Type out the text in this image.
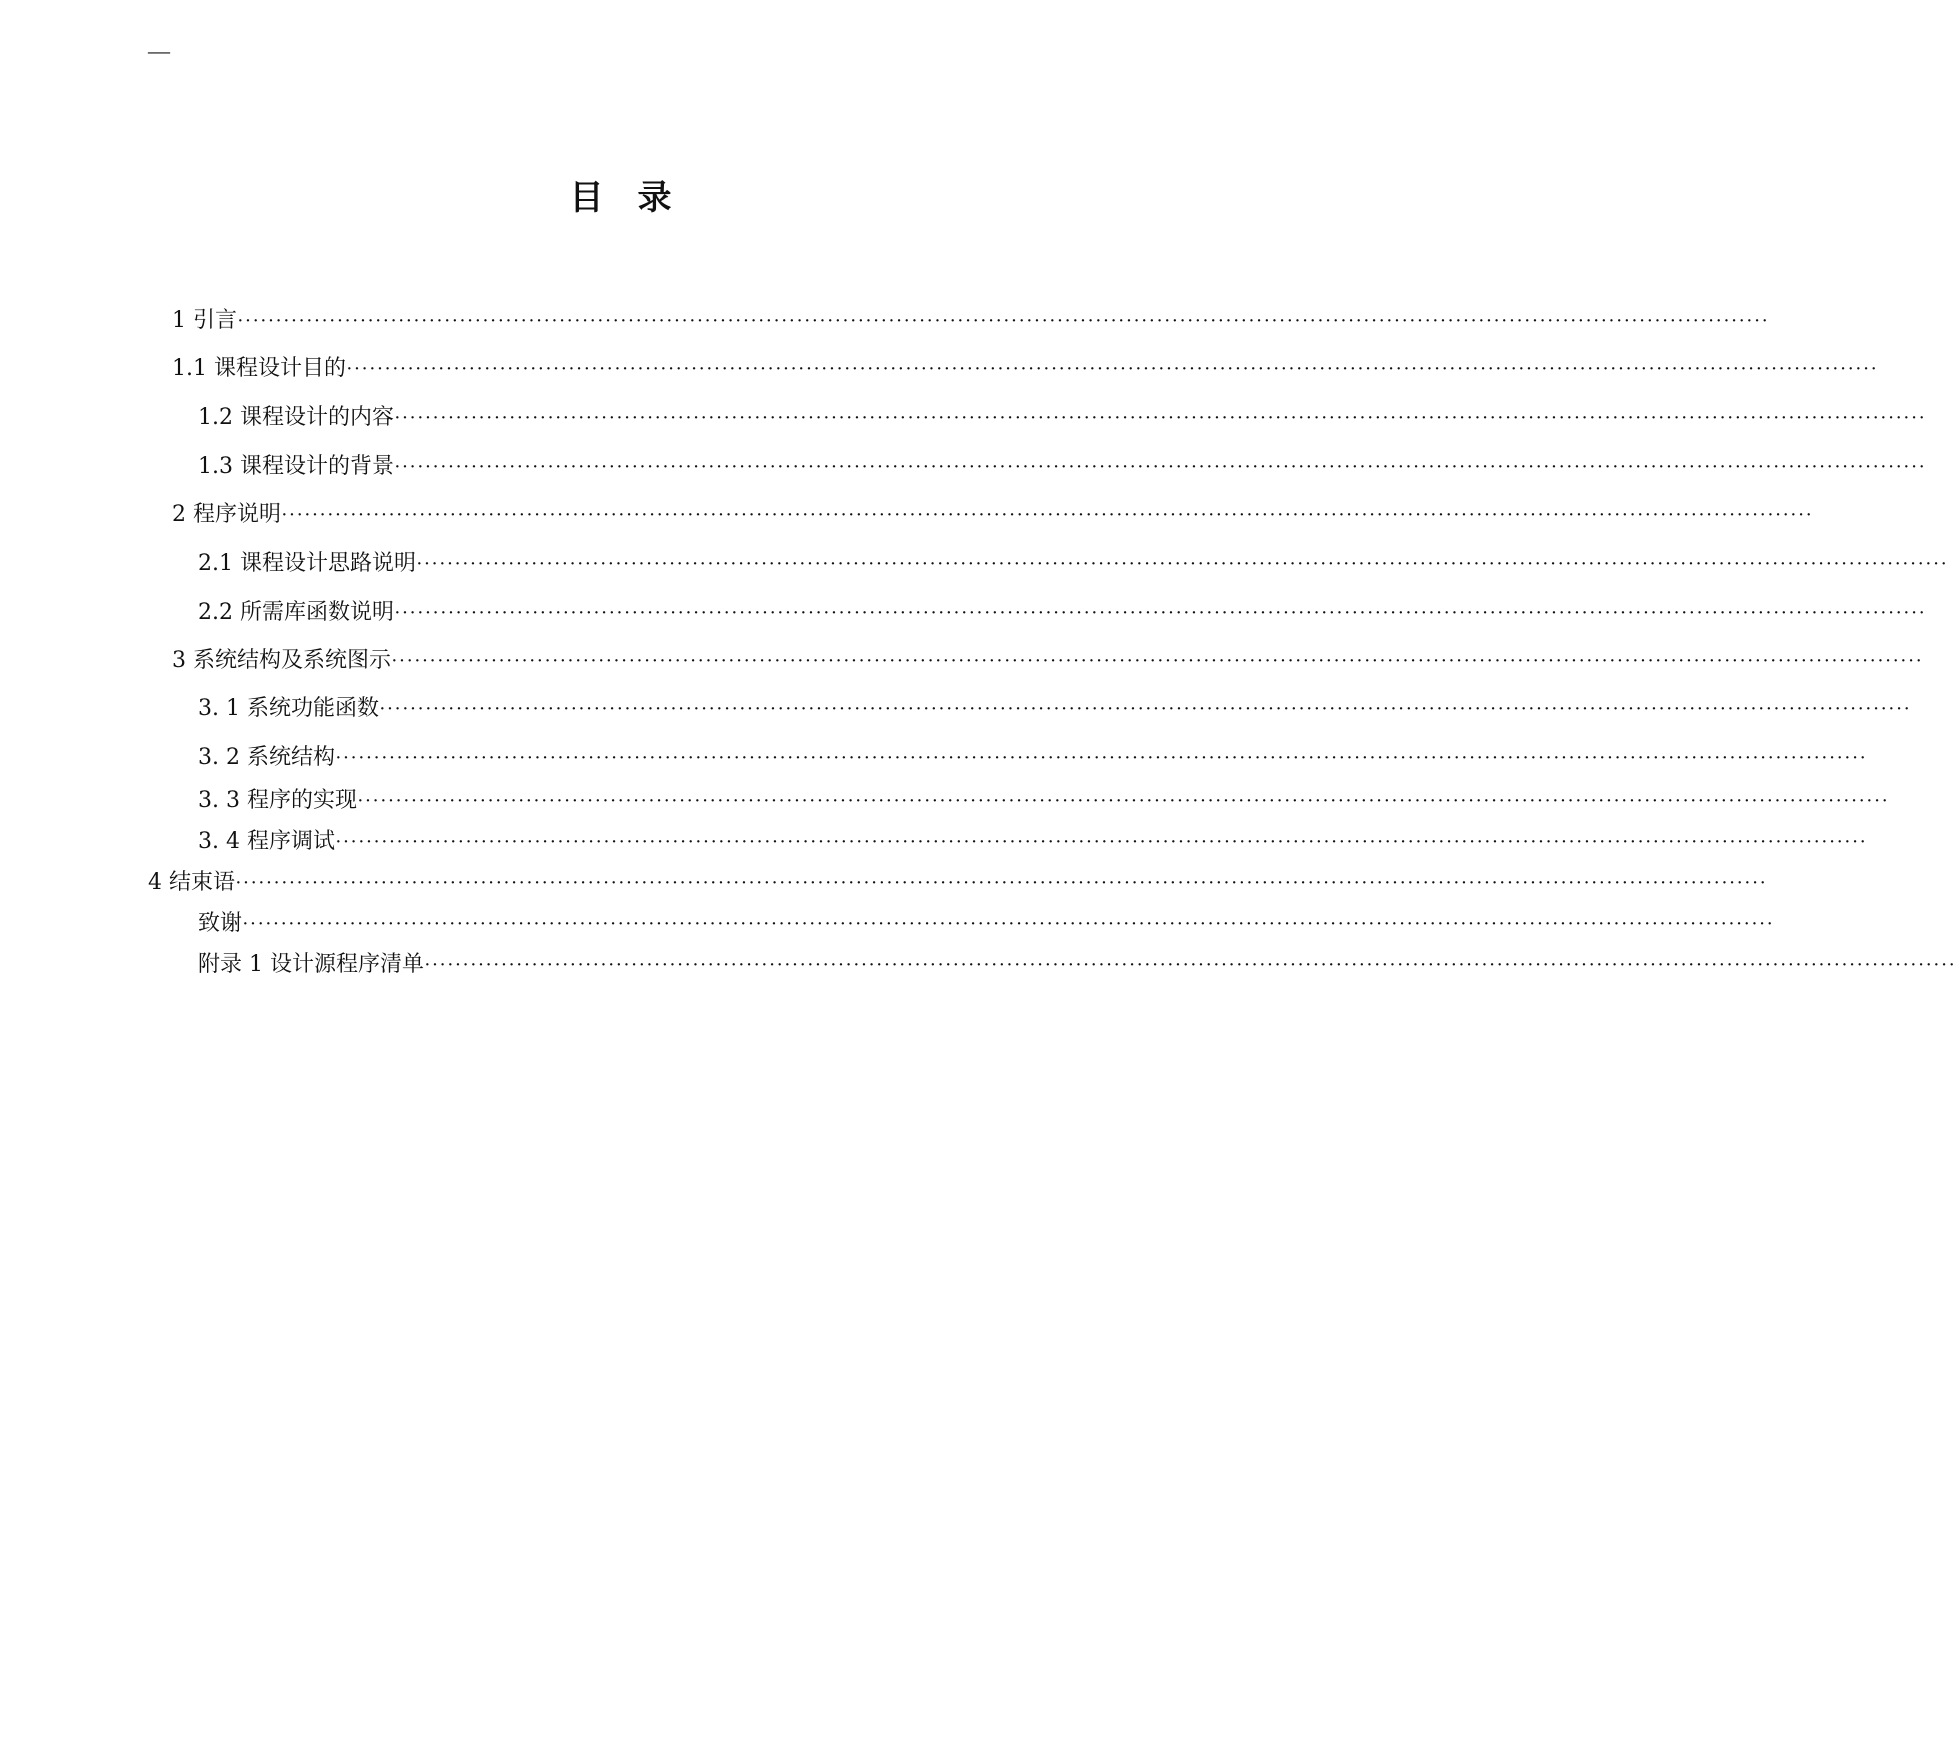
—
目录
1 引言 ········································································································································································································
1.1 课程设计目的 ········································································································································································································
1.2 课程设计的内容 ········································································································································································································
1.3 课程设计的背景 ········································································································································································································
2 程序说明 ········································································································································································································
2.1 课程设计思路说明 ········································································································································································································
2.2 所需库函数说明 ········································································································································································································
3 系统结构及系统图示 ········································································································································································································
3. 1 系统功能函数 ········································································································································································································
3. 2 系统结构 ········································································································································································································
3. 3 程序的实现 ········································································································································································································
3. 4 程序调试 ········································································································································································································
4 结束语 ········································································································································································································
致谢 ········································································································································································································
附录 1 设计源程序清单 ········································································································································································································
